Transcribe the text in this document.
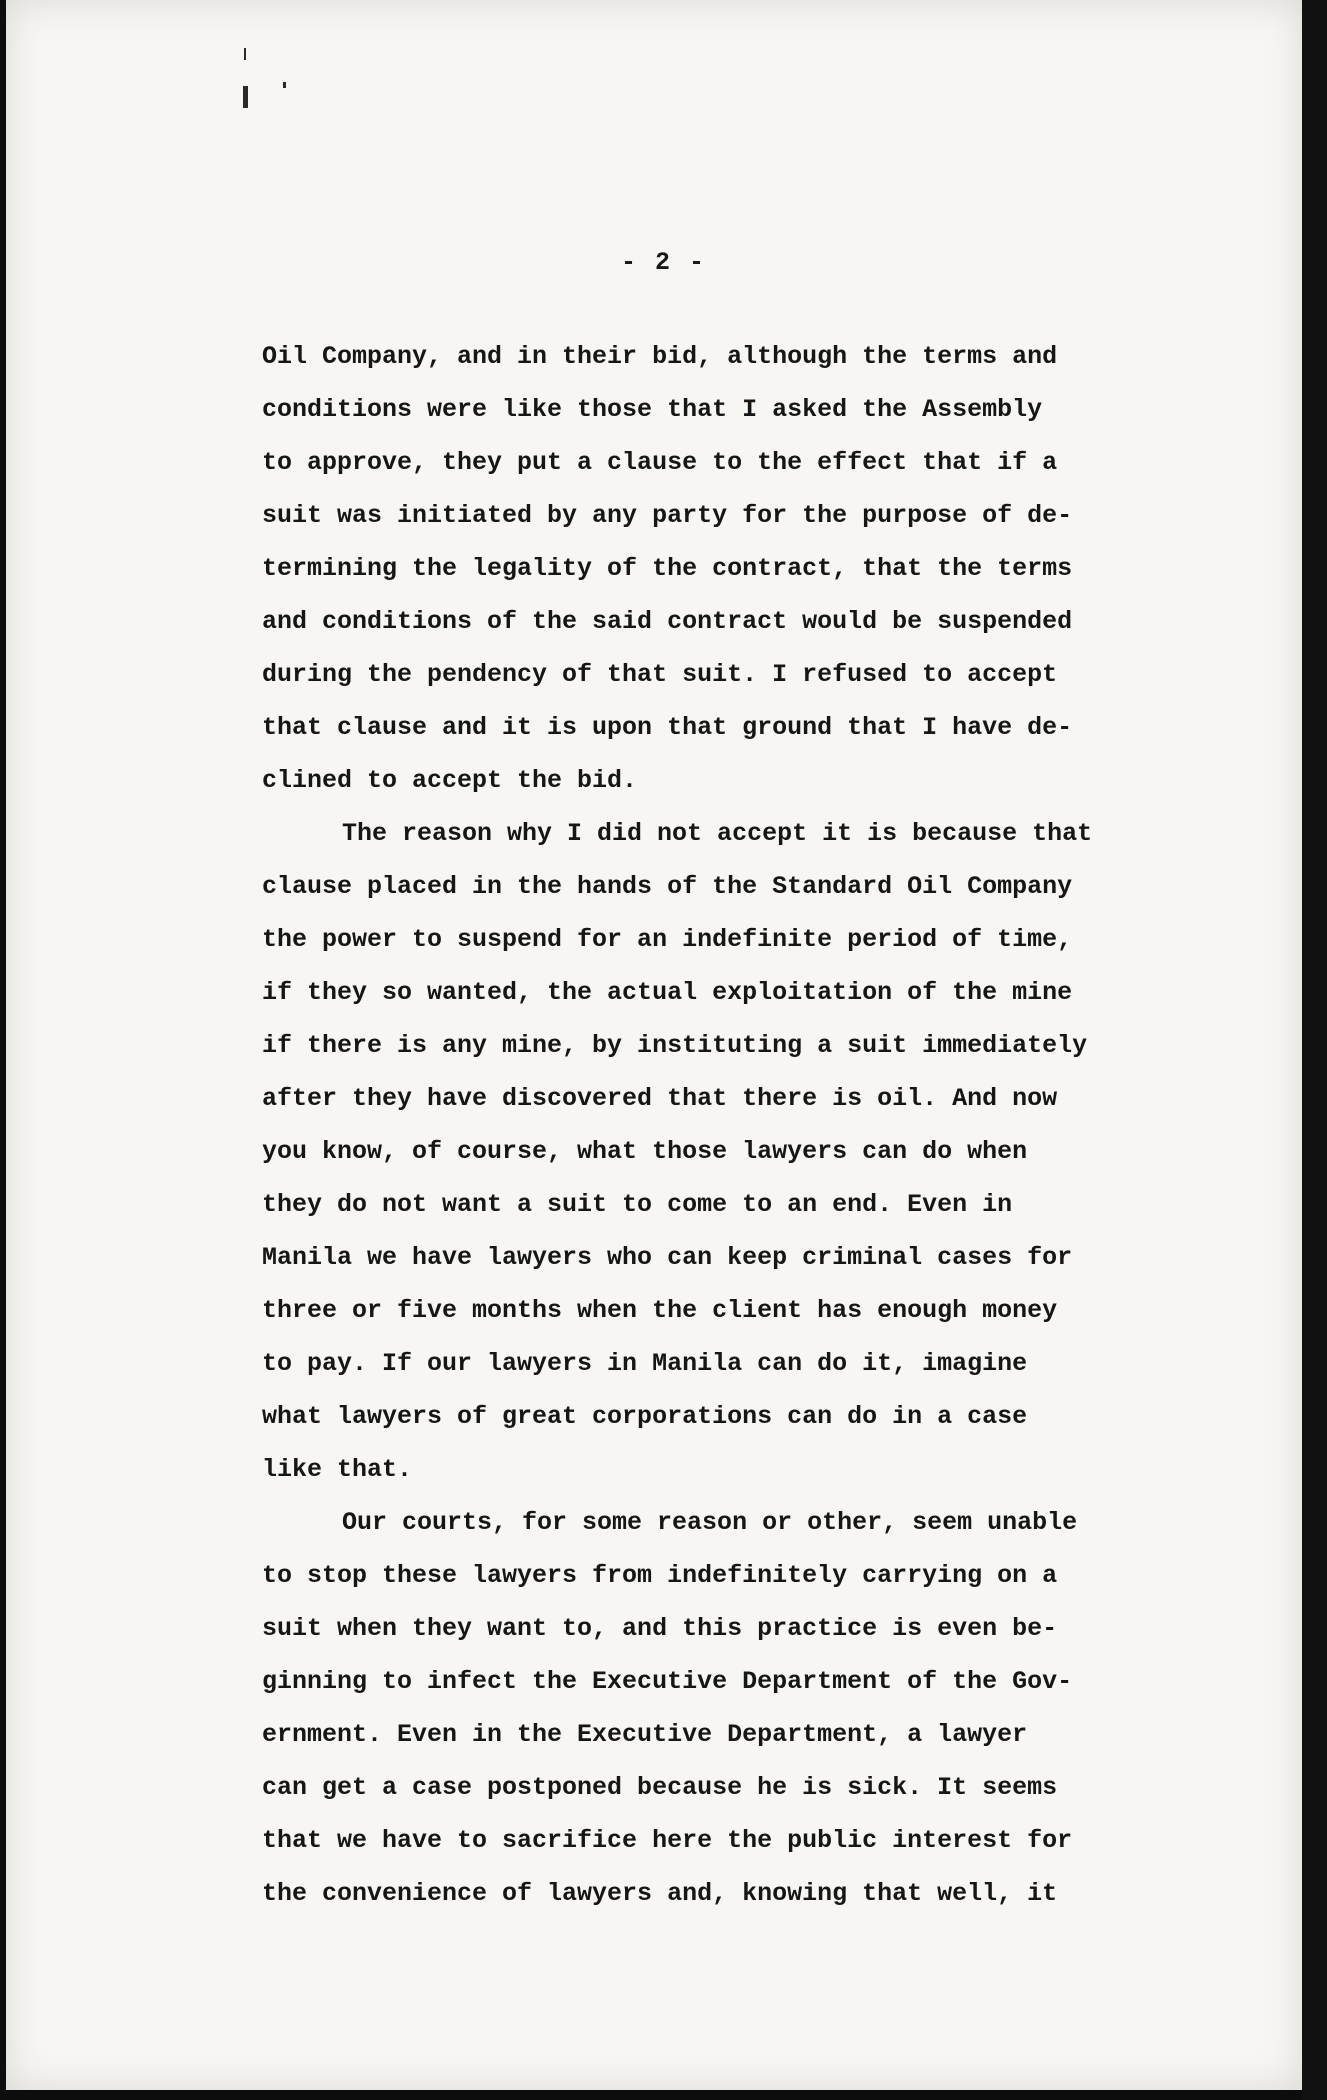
- 2 -
Oil Company, and in their bid, although the terms and
conditions were like those that I asked the Assembly
to approve, they put a clause to the effect that if a
suit was initiated by any party for the purpose of de-
termining the legality of the contract, that the terms
and conditions of the said contract would be suspended
during the pendency of that suit. I refused to accept
that clause and it is upon that ground that I have de-
clined to accept the bid.
The reason why I did not accept it is because that
clause placed in the hands of the Standard Oil Company
the power to suspend for an indefinite period of time,
if they so wanted, the actual exploitation of the mine
if there is any mine, by instituting a suit immediately
after they have discovered that there is oil. And now
you know, of course, what those lawyers can do when
they do not want a suit to come to an end. Even in
Manila we have lawyers who can keep criminal cases for
three or five months when the client has enough money
to pay. If our lawyers in Manila can do it, imagine
what lawyers of great corporations can do in a case
like that.
Our courts, for some reason or other, seem unable
to stop these lawyers from indefinitely carrying on a
suit when they want to, and this practice is even be-
ginning to infect the Executive Department of the Gov-
ernment. Even in the Executive Department, a lawyer
can get a case postponed because he is sick. It seems
that we have to sacrifice here the public interest for
the convenience of lawyers and, knowing that well, it
